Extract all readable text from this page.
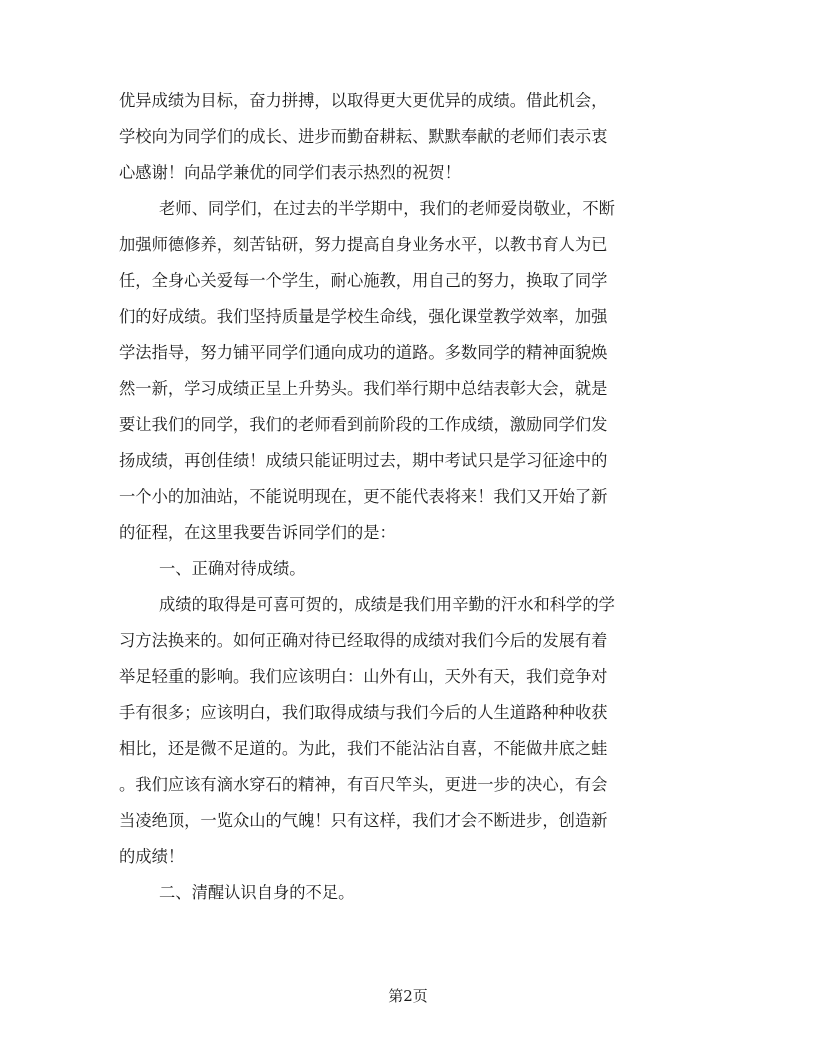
优异成绩为目标，奋力拼搏，以取得更大更优异的成绩。借此机会，
学校向为同学们的成长、进步而勤奋耕耘、默默奉献的老师们表示衷
心感谢！向品学兼优的同学们表示热烈的祝贺！
老师、同学们，在过去的半学期中，我们的老师爱岗敬业，不断
加强师德修养，刻苦钻研，努力提高自身业务水平，以教书育人为已
任，全身心关爱每一个学生，耐心施教，用自己的努力，换取了同学
们的好成绩。我们坚持质量是学校生命线，强化课堂教学效率，加强
学法指导，努力铺平同学们通向成功的道路。多数同学的精神面貌焕
然一新，学习成绩正呈上升势头。我们举行期中总结表彰大会，就是
要让我们的同学，我们的老师看到前阶段的工作成绩，激励同学们发
扬成绩，再创佳绩！成绩只能证明过去，期中考试只是学习征途中的
一个小的加油站，不能说明现在，更不能代表将来！我们又开始了新
的征程，在这里我要告诉同学们的是：
一、正确对待成绩。
成绩的取得是可喜可贺的，成绩是我们用辛勤的汗水和科学的学
习方法换来的。如何正确对待已经取得的成绩对我们今后的发展有着
举足轻重的影响。我们应该明白：山外有山，天外有天，我们竞争对
手有很多；应该明白，我们取得成绩与我们今后的人生道路种种收获
相比，还是微不足道的。为此，我们不能沾沾自喜，不能做井底之蛙
。我们应该有滴水穿石的精神，有百尺竿头，更进一步的决心，有会
当凌绝顶，一览众山的气魄！只有这样，我们才会不断进步，创造新
的成绩！
二、清醒认识自身的不足。
第2页
